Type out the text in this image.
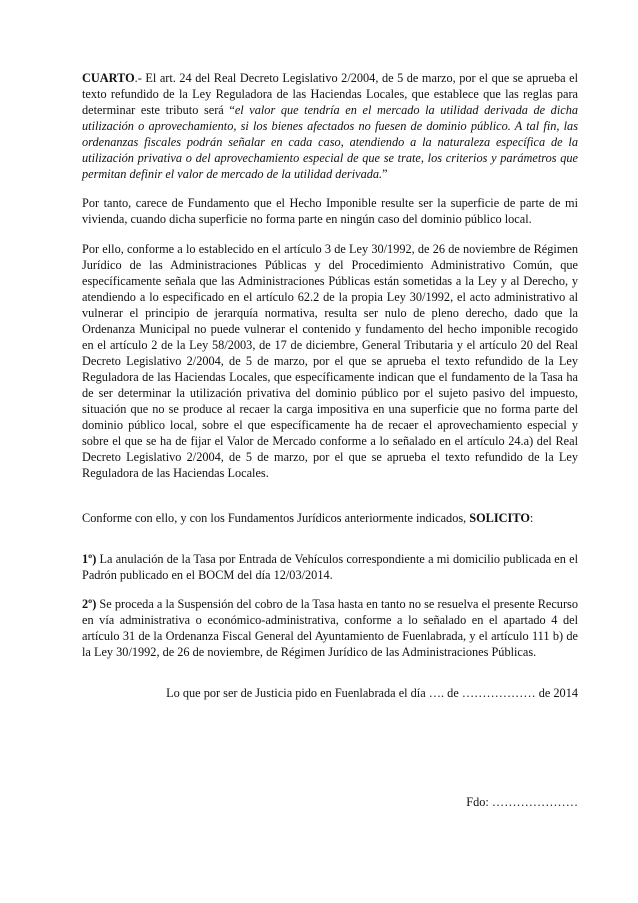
CUARTO.- El art. 24 del Real Decreto Legislativo 2/2004, de 5 de marzo, por el que se aprueba el texto refundido de la Ley Reguladora de las Haciendas Locales, que establece que las reglas para determinar este tributo será “el valor que tendría en el mercado la utilidad derivada de dicha utilización o aprovechamiento, si los bienes afectados no fuesen de dominio público. A tal fin, las ordenanzas fiscales podrán señalar en cada caso, atendiendo a la naturaleza específica de la utilización privativa o del aprovechamiento especial de que se trate, los criterios y parámetros que permitan definir el valor de mercado de la utilidad derivada.”

Por tanto, carece de Fundamento que el Hecho Imponible resulte ser la superficie de parte de mi vivienda, cuando dicha superficie no forma parte en ningún caso del dominio público local.

Por ello, conforme a lo establecido en el artículo 3 de Ley 30/1992, de 26 de noviembre de Régimen Jurídico de las Administraciones Públicas y del Procedimiento Administrativo Común, que específicamente señala que las Administraciones Públicas están sometidas a la Ley y al Derecho, y atendiendo a lo especificado en el artículo 62.2 de la propia Ley 30/1992, el acto administrativo al vulnerar el principio de jerarquía normativa, resulta ser nulo de pleno derecho, dado que la Ordenanza Municipal no puede vulnerar el contenido y fundamento del hecho imponible recogido en el artículo 2 de la Ley 58/2003, de 17 de diciembre, General Tributaria y el artículo 20 del Real Decreto Legislativo 2/2004, de 5 de marzo, por el que se aprueba el texto refundido de la Ley Reguladora de las Haciendas Locales, que específicamente indican que el fundamento de la Tasa ha de ser determinar la utilización privativa del dominio público por el sujeto pasivo del impuesto, situación que no se produce al recaer la carga impositiva en una superficie que no forma parte del dominio público local, sobre el que específicamente ha de recaer el aprovechamiento especial y sobre el que se ha de fijar el Valor de Mercado conforme a lo señalado en el artículo 24.a) del Real Decreto Legislativo 2/2004, de 5 de marzo, por el que se aprueba el texto refundido de la Ley Reguladora de las Haciendas Locales.

Conforme con ello, y con los Fundamentos Jurídicos anteriormente indicados, SOLICITO:

1º) La anulación de la Tasa por Entrada de Vehículos correspondiente a mi domicilio publicada en el Padrón publicado en el BOCM del día 12/03/2014.

2º) Se proceda a la Suspensión del cobro de la Tasa hasta en tanto no se resuelva el presente Recurso en vía administrativa o económico-administrativa, conforme a lo señalado en el apartado 4 del artículo 31 de la Ordenanza Fiscal General del Ayuntamiento de Fuenlabrada, y el artículo 111 b) de la Ley 30/1992, de 26 de noviembre, de Régimen Jurídico de las Administraciones Públicas.

Lo que por ser de Justicia pido en Fuenlabrada el día …. de ……………… de 2014

Fdo: …………………
